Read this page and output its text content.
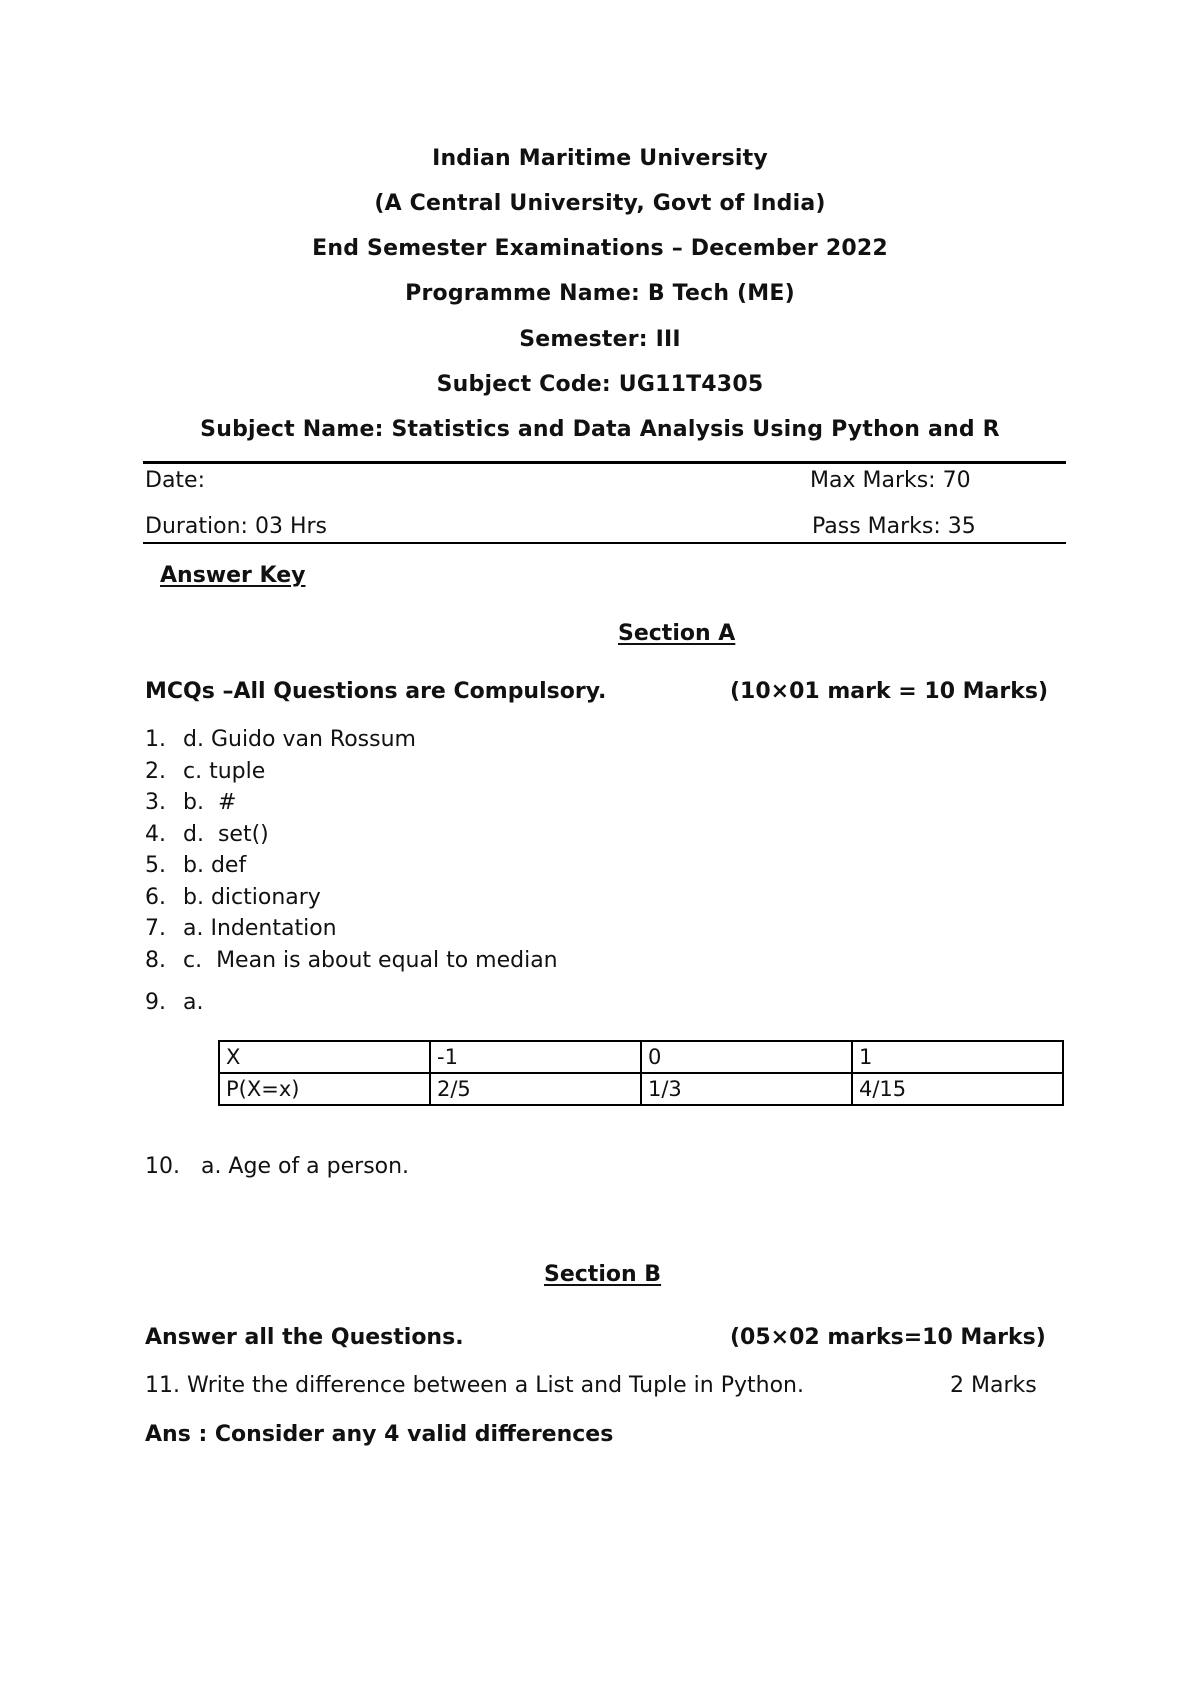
Indian Maritime University
(A Central University, Govt of India)
End Semester Examinations – December 2022
Programme Name: B Tech (ME)
Semester: III
Subject Code: UG11T4305
Subject Name: Statistics and Data Analysis Using Python and R
Date:	Max Marks: 70
Duration: 03 Hrs	Pass Marks: 35
Answer Key
Section A
MCQs –All Questions are Compulsory.	(10×01 mark = 10 Marks)
1. d. Guido van Rossum
2. c. tuple
3. b.  #
4. d.  set()
5. b. def
6. b. dictionary
7. a. Indentation
8. c.  Mean is about equal to median
9. a.
X	-1	0	1
P(X=x)	2/5	1/3	4/15
10.   a. Age of a person.
Section B
Answer all the Questions.	(05×02 marks=10 Marks)
11. Write the difference between a List and Tuple in Python.	2 Marks
Ans : Consider any 4 valid differences
